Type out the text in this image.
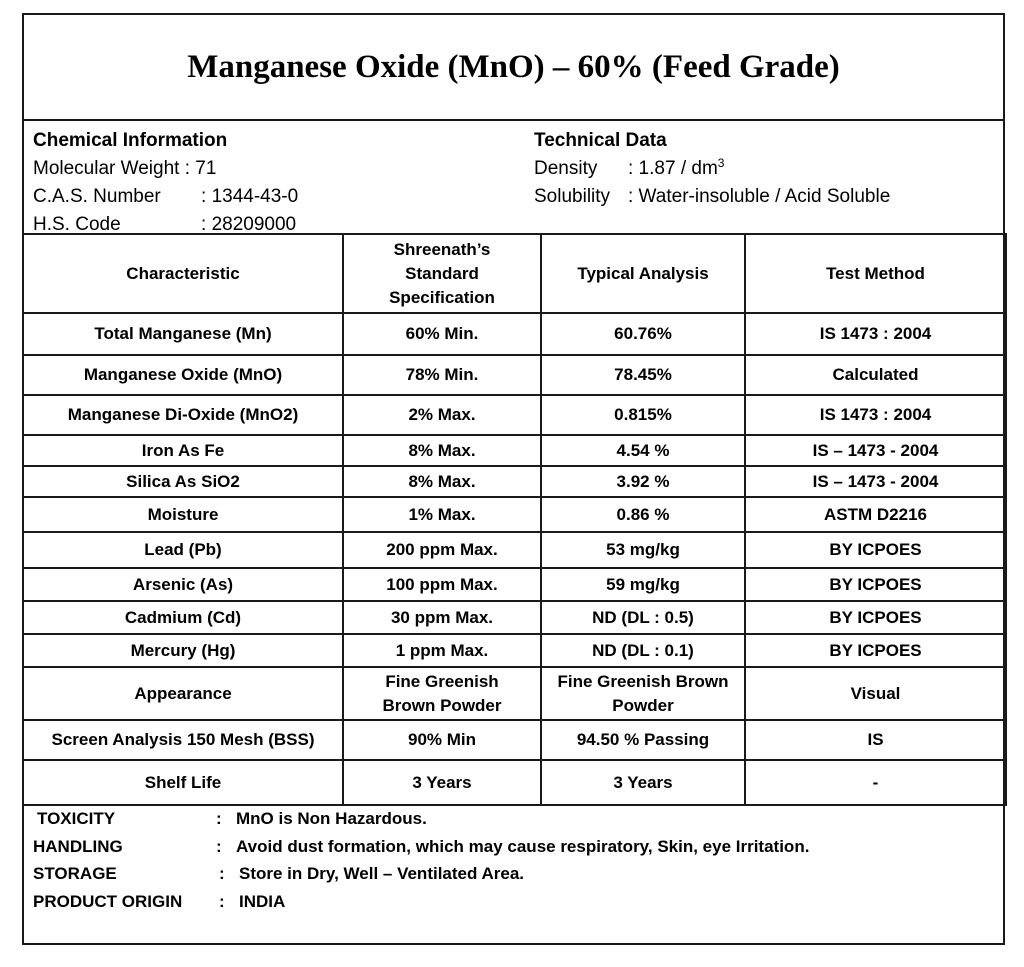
Manganese Oxide (MnO) – 60% (Feed Grade)
Chemical Information
Molecular Weight : 71
C.A.S. Number : 1344-43-0
H.S. Code	: 28209000
Technical Data
Density : $1.87 / dm^3$
Solubility : Water-insoluble / Acid Soluble
Characteristic	Shreenath’s Standard Specification	Typical Analysis	Test Method
Total Manganese (Mn)	60% Min.	60.76%	IS 1473 : 2004
Manganese Oxide (MnO)	78% Min.	78.45%	Calculated
Manganese Di-Oxide (MnO2)	2% Max.	0.815%	IS 1473 : 2004
Iron As Fe	8% Max.	4.54 %	IS – 1473 - 2004
Silica As SiO2	8% Max.	3.92 %	IS – 1473 - 2004
Moisture	1% Max.	0.86 %	ASTM D2216
Lead (Pb)	200 ppm Max.	53 mg/kg	BY ICPOES
Arsenic (As)	100 ppm Max.	59 mg/kg	BY ICPOES
Cadmium (Cd)	30 ppm Max.	ND (DL : 0.5)	BY ICPOES
Mercury (Hg)	1 ppm Max.	ND (DL : 0.1)	BY ICPOES
Appearance	Fine Greenish Brown Powder	Fine Greenish Brown Powder	Visual
Screen Analysis 150 Mesh (BSS)	90% Min	94.50 % Passing	IS
Shelf Life	3 Years	3 Years	-
TOXICITY	: MnO is Non Hazardous.
HANDLING	: Avoid dust formation, which may cause respiratory, Skin, eye Irritation.
STORAGE	: Store in Dry, Well – Ventilated Area.
PRODUCT ORIGIN : INDIA
